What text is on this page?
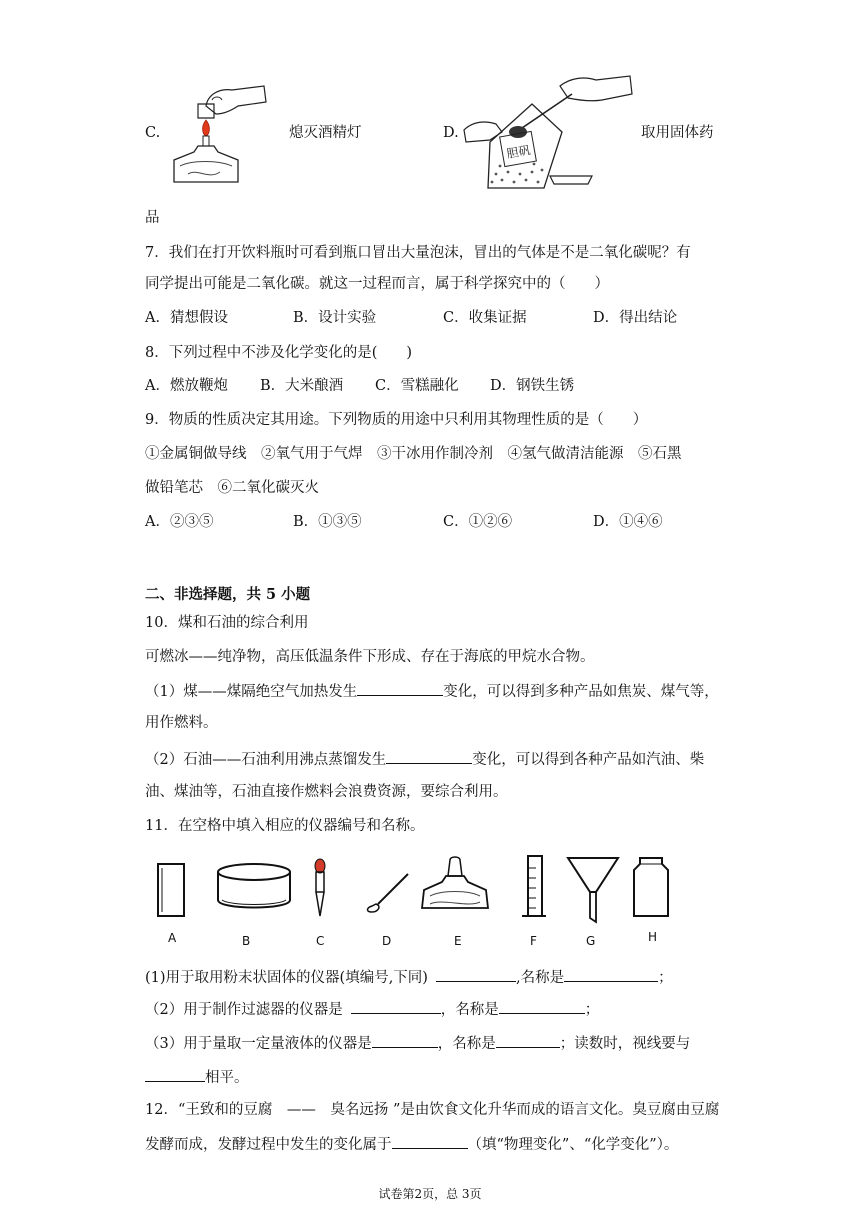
C.	熄灭酒精灯	D.
胆矾
取用固体药
品
7．我们在打开饮料瓶时可看到瓶口冒出大量泡沫，冒出的气体是不是二氧化碳呢？有
同学提出可能是二氧化碳。就这一过程而言，属于科学探究中的（　　）
A．猜想假设	B．设计实验	C．收集证据	D．得出结论
8．下列过程中不涉及化学变化的是(　　)
A．燃放鞭炮 B．大米酿酒 C．雪糕融化 D．钢铁生锈
9．物质的性质决定其用途。下列物质的用途中只利用其物理性质的是（　　）
①金属铜做导线　②氧气用于气焊　③干冰用作制冷剂　④氢气做清洁能源　⑤石黑
做铅笔芯　⑥二氧化碳灭火
A．②③⑤	B．①③⑤	C．①②⑥	D．①④⑥
二、非选择题，共 5 小题
10．煤和石油的综合利用
可燃冰——纯净物，高压低温条件下形成、存在于海底的甲烷水合物。
（1）煤——煤隔绝空气加热发生	变化，可以得到多种产品如焦炭、煤气等，
用作燃料。
（2）石油——石油利用沸点蒸馏发生	变化，可以得到各种产品如汽油、柴
油、煤油等，石油直接作燃料会浪费资源，要综合利用。
11．在空格中填入相应的仪器编号和名称。
A	B	C	D	E	F	G	H
(1)用于取用粉末状固体的仪器(填编号,下同)	,名称是	；
（2）用于制作过滤器的仪器是	，名称是	；
（3）用于量取一定量液体的仪器是	，名称是	；读数时，视线要与
相平。
12．“王致和的豆腐　——　臭名远扬 ”是由饮食文化升华而成的语言文化。臭豆腐由豆腐
发酵而成，发酵过程中发生的变化属于	（填“物理变化”、“化学变化”）。
试卷第2页，总 3页
